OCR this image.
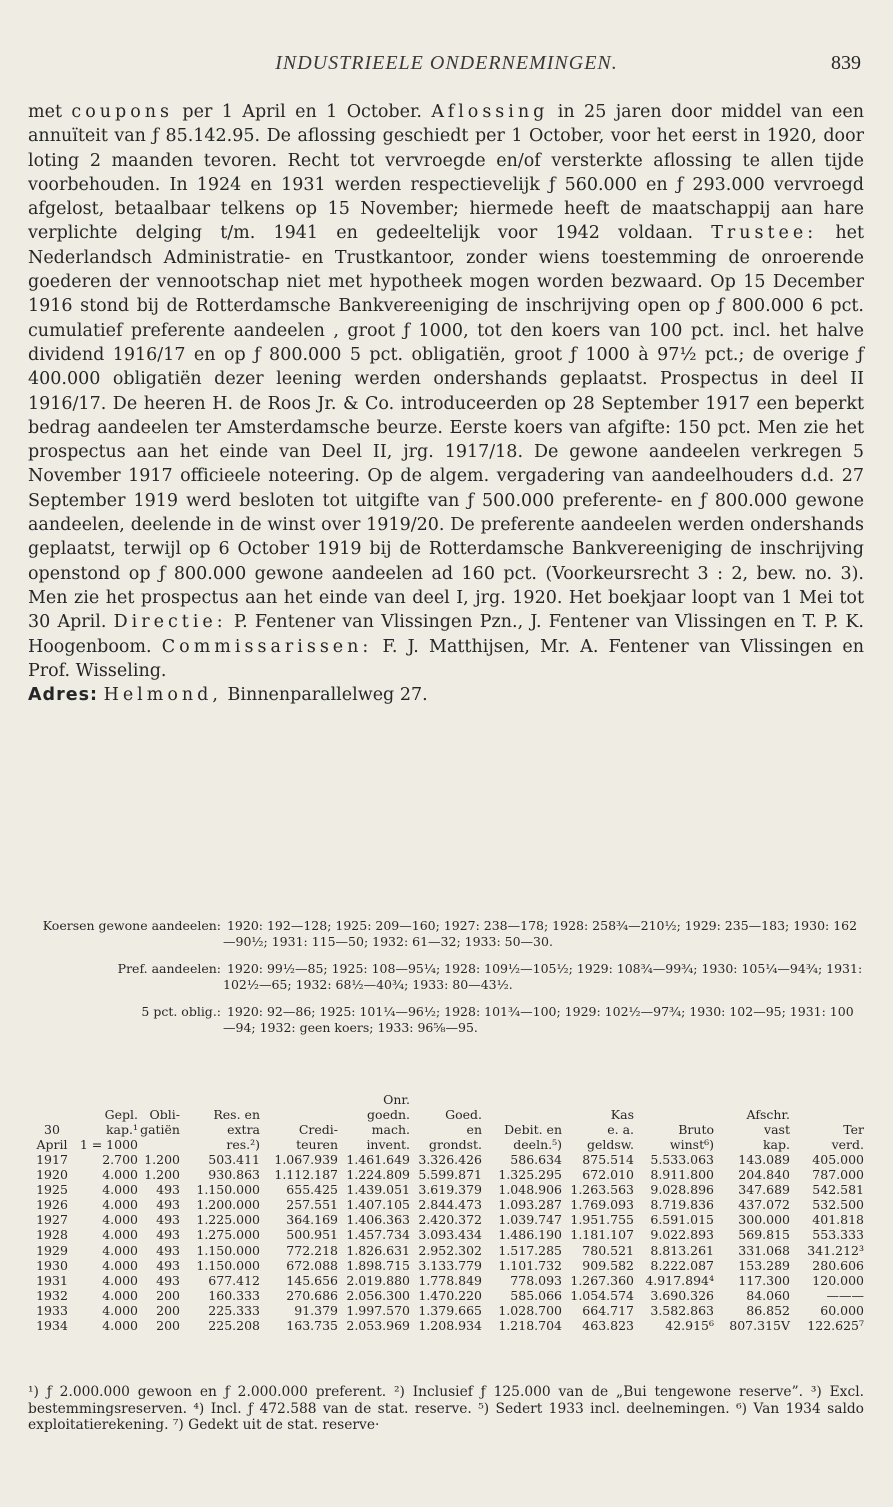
INDUSTRIEELE ONDERNEMINGEN.	839

met coupons per 1 April en 1 October. Aflossing in 25 jaren door middel van een annuïteit van ƒ 85.142.95. De aflossing geschiedt per 1 October, voor het eerst in 1920, door loting 2 maanden tevoren. Recht tot vervroegde en/of versterkte aflossing te allen tijde voorbehouden. In 1924 en 1931 werden respectievelijk ƒ 560.000 en ƒ 293.000 vervroegd afgelost, betaalbaar telkens op 15 November; hiermede heeft de maatschappij aan hare verplichte delging t/m. 1941 en gedeeltelijk voor 1942 voldaan. Trustee: het Nederlandsch Administratie- en Trustkantoor, zonder wiens toestemming de onroerende goederen der vennootschap niet met hypotheek mogen worden bezwaard. Op 15 December 1916 stond bij de Rotterdamsche Bankvereeniging de inschrijving open op ƒ 800.000 6 pct. cumulatief preferente aandeelen , groot ƒ 1000, tot den koers van 100 pct. incl. het halve dividend 1916/17 en op ƒ 800.000 5 pct. obligatiën, groot ƒ 1000 à 97½ pct.; de overige ƒ 400.000 obligatiën dezer leening werden ondershands geplaatst. Prospectus in deel II 1916/17. De heeren H. de Roos Jr. & Co. introduceerden op 28 September 1917 een beperkt bedrag aandeelen ter Amsterdamsche beurze. Eerste koers van afgifte: 150 pct. Men zie het prospectus aan het einde van Deel II, jrg. 1917/18. De gewone aandeelen verkregen 5 November 1917 officieele noteering. Op de algem. vergadering van aandeelhouders d.d. 27 September 1919 werd besloten tot uitgifte van ƒ 500.000 preferente- en ƒ 800.000 gewone aandeelen, deelende in de winst over 1919/20. De preferente aandeelen werden ondershands geplaatst, terwijl op 6 October 1919 bij de Rotterdamsche Bankvereeniging de inschrijving openstond op ƒ 800.000 gewone aandeelen ad 160 pct. (Voorkeursrecht 3 : 2, bew. no. 3). Men zie het prospectus aan het einde van deel I, jrg. 1920. Het boekjaar loopt van 1 Mei tot 30 April. Directie: P. Fentener van Vlissingen Pzn., J. Fentener van Vlissingen en T. P. K. Hoogenboom. Commissarissen: F. J. Matthijsen, Mr. A. Fentener van Vlissingen en Prof. Wisseling.

Adres: Helmond, Binnenparallelweg 27.

Koersen gewone aandeelen: 1920: 192—128; 1925: 209—160; 1927: 238—178; 1928: 258¾—210½; 1929: 235—183; 1930: 162—90½; 1931: 115—50; 1932: 61—32; 1933: 50—30.
Pref. aandeelen: 1920: 99½—85; 1925: 108—95¼; 1928: 109½—105½; 1929: 108¾—99¾; 1930: 105¼—94¾; 1931: 102½—65; 1932: 68½—40¾; 1933: 80—43½.
5 pct. oblig.: 1920: 92—86; 1925: 101¼—96½; 1928: 101¾—100; 1929: 102½—97¾; 1930: 102—95; 1931: 100—94; 1932: geen koers; 1933: 96⅝—95.
					Onr.						
	Gepl.	Obli-	Res. en		goedn.	Goed.		Kas		Afschr.	
30	kap.¹	gatiën	extra	Credi-	mach.	en	Debit. en	e. a.	Bruto	vast	Ter
April	1 = 1000		res.²)	teuren	invent.	grondst.	deeln.⁵)	geldsw.	winst⁶)	kap.	verd.
1917	2.700	1.200	503.411	1.067.939	1.461.649	3.326.426	586.634	875.514	5.533.063	143.089	405.000
1920	4.000	1.200	930.863	1.112.187	1.224.809	5.599.871	1.325.295	672.010	8.911.800	204.840	787.000
1925	4.000	493	1.150.000	655.425	1.439.051	3.619.379	1.048.906	1.263.563	9.028.896	347.689	542.581
1926	4.000	493	1.200.000	257.551	1.407.105	2.844.473	1.093.287	1.769.093	8.719.836	437.072	532.500
1927	4.000	493	1.225.000	364.169	1.406.363	2.420.372	1.039.747	1.951.755	6.591.015	300.000	401.818
1928	4.000	493	1.275.000	500.951	1.457.734	3.093.434	1.486.190	1.181.107	9.022.893	569.815	553.333
1929	4.000	493	1.150.000	772.218	1.826.631	2.952.302	1.517.285	780.521	8.813.261	331.068	341.212³
1930	4.000	493	1.150.000	672.088	1.898.715	3.133.779	1.101.732	909.582	8.222.087	153.289	280.606
1931	4.000	493	677.412	145.656	2.019.880	1.778.849	778.093	1.267.360	4.917.894⁴	117.300	120.000
1932	4.000	200	160.333	270.686	2.056.300	1.470.220	585.066	1.054.574	3.690.326	84.060	———
1933	4.000	200	225.333	91.379	1.997.570	1.379.665	1.028.700	664.717	3.582.863	86.852	60.000
1934	4.000	200	225.208	163.735	2.053.969	1.208.934	1.218.704	463.823	42.915⁶	807.315V	122.625⁷
¹) ƒ 2.000.000 gewoon en ƒ 2.000.000 preferent. ²) Inclusief ƒ 125.000 van de „Bui tengewone reserve”. ³) Excl. bestemmingsreserven. ⁴) Incl. ƒ 472.588 van de stat. reserve. ⁵) Sedert 1933 incl. deelnemingen. ⁶) Van 1934 saldo exploitatierekening. ⁷) Gedekt uit de stat. reserve·
